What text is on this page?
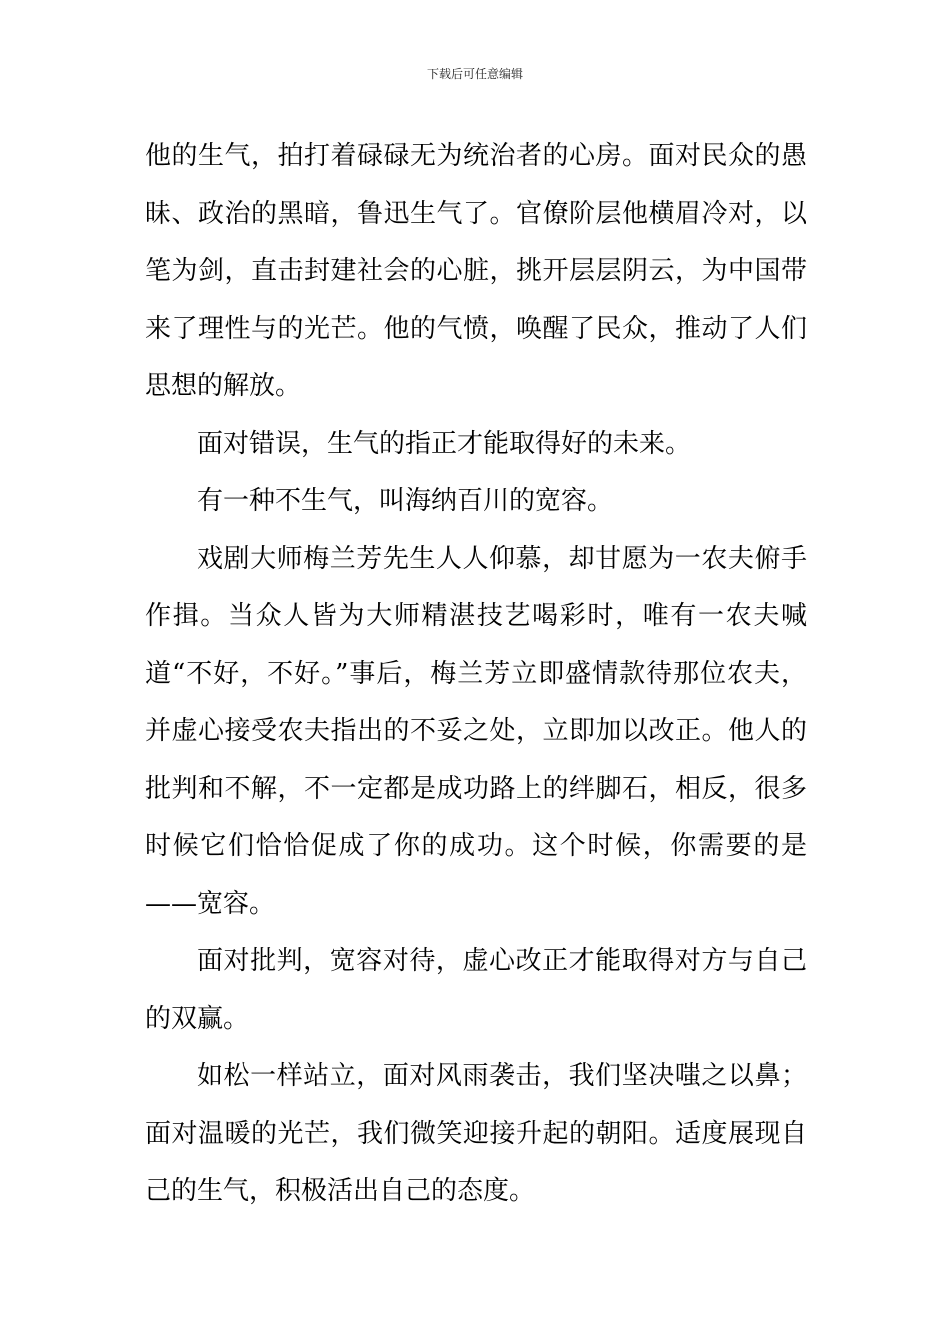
下载后可任意编辑

他的生气，拍打着碌碌无为统治者的心房。面对民众的愚昧、政治的黑暗，鲁迅生气了。官僚阶层他横眉冷对，以笔为剑，直击封建社会的心脏，挑开层层阴云，为中国带来了理性与的光芒。他的气愤，唤醒了民众，推动了人们思想的解放。

面对错误，生气的指正才能取得好的未来。

有一种不生气，叫海纳百川的宽容。

戏剧大师梅兰芳先生人人仰慕，却甘愿为一农夫俯手作揖。当众人皆为大师精湛技艺喝彩时，唯有一农夫喊道“不好，不好。”事后，梅兰芳立即盛情款待那位农夫，并虚心接受农夫指出的不妥之处，立即加以改正。他人的批判和不解，不一定都是成功路上的绊脚石，相反，很多时候它们恰恰促成了你的成功。这个时候，你需要的是——宽容。

面对批判，宽容对待，虚心改正才能取得对方与自己的双赢。

如松一样站立，面对风雨袭击，我们坚决嗤之以鼻；面对温暖的光芒，我们微笑迎接升起的朝阳。适度展现自己的生气，积极活出自己的态度。
